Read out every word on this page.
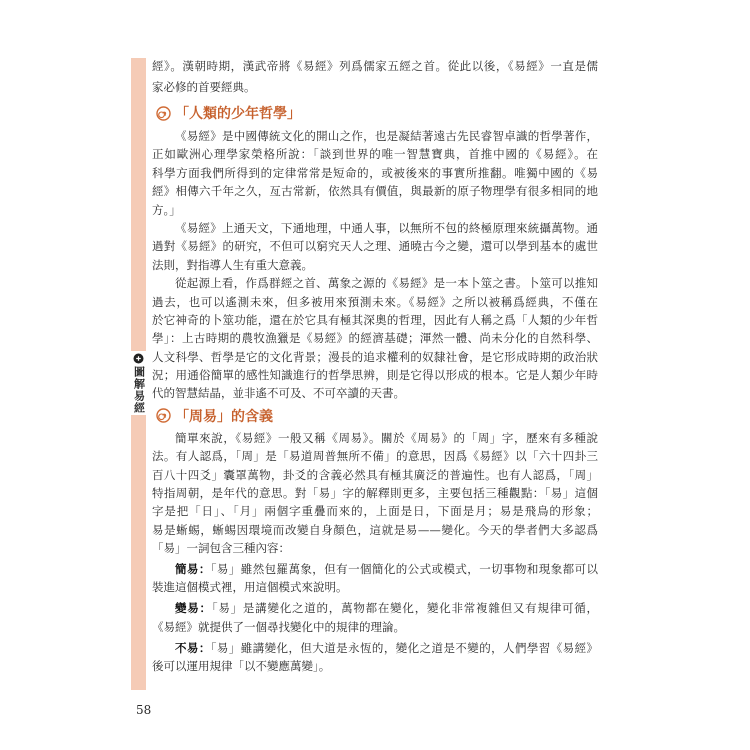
圖解易經
經》。漢朝時期，漢武帝將《易經》列爲儒家五經之首。從此以後，《易經》一直是儒
家必修的首要經典。
「人類的少年哲學」
《易經》是中國傳統文化的開山之作，也是凝結著遠古先民睿智卓識的哲學著作，
正如歐洲心理學家榮格所說：「談到世界的唯一智慧寶典，首推中國的《易經》。在
科學方面我們所得到的定律常常是短命的，或被後來的事實所推翻。唯獨中國的《易
經》相傳六千年之久，亙古常新，依然具有價值，與最新的原子物理學有很多相同的地
方。」
《易經》上通天文，下通地理，中通人事，以無所不包的終極原理來統攝萬物。通
過對《易經》的研究，不但可以窮究天人之理、通曉古今之變，還可以學到基本的處世
法則，對指導人生有重大意義。
從起源上看，作爲群經之首、萬象之源的《易經》是一本卜筮之書。卜筮可以推知
過去，也可以遙測未來，但多被用來預測未來。《易經》之所以被稱爲經典，不僅在
於它神奇的卜筮功能，還在於它具有極其深奧的哲理，因此有人稱之爲「人類的少年哲
學」：上古時期的農牧漁獵是《易經》的經濟基礎；渾然一體、尚未分化的自然科學、
人文科學、哲學是它的文化背景；漫長的追求權利的奴隸社會，是它形成時期的政治狀
況；用通俗簡單的感性知識進行的哲學思辨，則是它得以形成的根本。它是人類少年時
代的智慧結晶，並非遙不可及、不可卒讀的天書。
「周易」的含義
簡單來說，《易經》一般又稱《周易》。關於《周易》的「周」字，歷來有多種說
法。有人認爲，「周」是「易道周普無所不備」的意思，因爲《易經》以「六十四卦三
百八十四爻」囊罩萬物，卦爻的含義必然具有極其廣泛的普遍性。也有人認爲，「周」
特指周朝，是年代的意思。對「易」字的解釋則更多，主要包括三種觀點：「易」這個
字是把「日」、「月」兩個字重疊而來的，上面是日，下面是月；易是飛鳥的形象；
易是蜥蜴，蜥蜴因環境而改變自身顏色，這就是易——變化。今天的學者們大多認爲
「易」一詞包含三種內容：
簡易：「易」雖然包羅萬象，但有一個簡化的公式或模式，一切事物和現象都可以
裝進這個模式裡，用這個模式來說明。
變易：「易」是講變化之道的，萬物都在變化，變化非常複雜但又有規律可循，
《易經》就提供了一個尋找變化中的規律的理論。
不易：「易」雖講變化，但大道是永恆的，變化之道是不變的，人們學習《易經》
後可以運用規律「以不變應萬變」。
58
